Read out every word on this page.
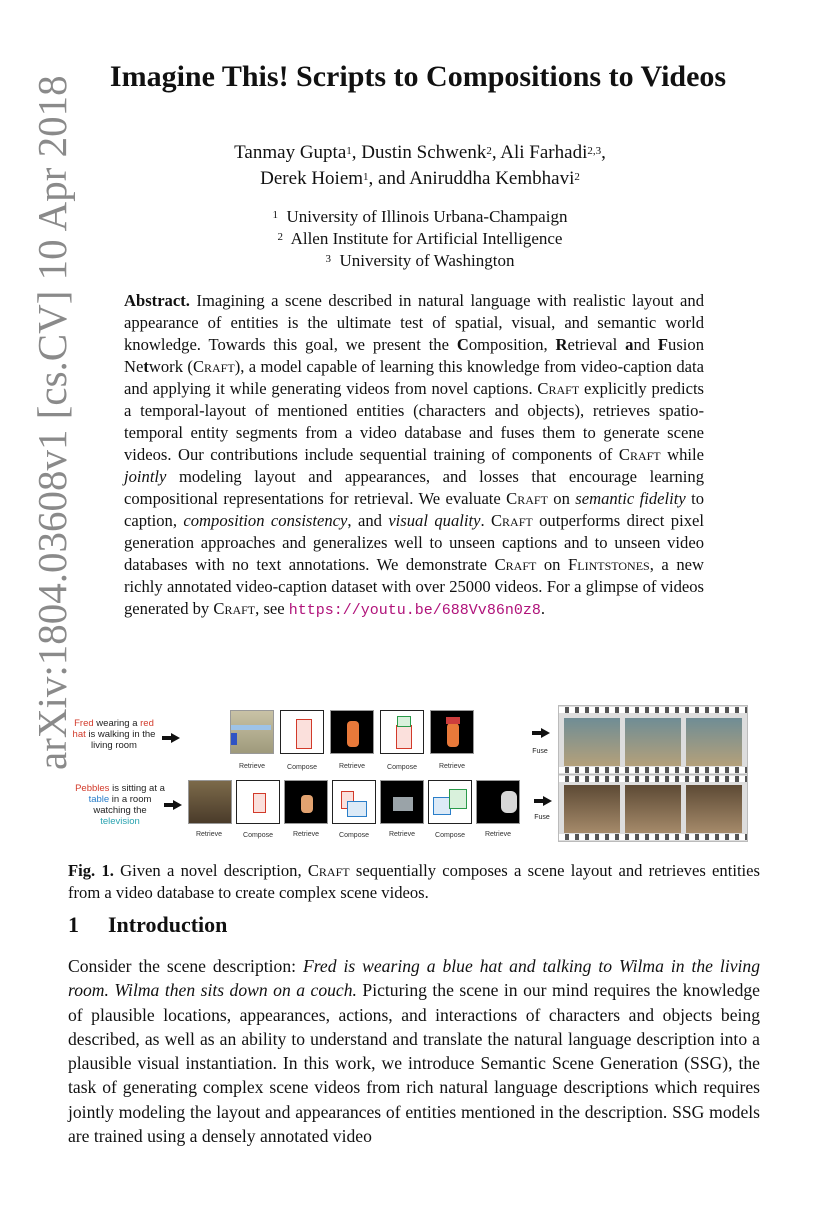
arXiv:1804.03608v1 [cs.CV] 10 Apr 2018	Imagine This! Scripts to Compositions to Videos
Tanmay Gupta$^1$, Dustin Schwenk$^2$, Ali Farhadi$^{2,3}$,
Derek Hoiem$^1$, and Aniruddha Kembhavi$^2$
$^1$ University of Illinois Urbana-Champaign
$^2$ Allen Institute for Artificial Intelligence
$^3$ University of Washington

Abstract. Imagining a scene described in natural language with realistic layout and appearance of entities is the ultimate test of spatial, visual, and semantic world knowledge. Towards this goal, we present the Composition, Retrieval and Fusion Network (Craft), a model capable of learning this knowledge from video-caption data and applying it while generating videos from novel captions. Craft explicitly predicts a temporal-layout of mentioned entities (characters and objects), retrieves spatio-temporal entity segments from a video database and fuses them to generate scene videos. Our contributions include sequential training of components of Craft while jointly modeling layout and appearances, and losses that encourage learning compositional representations for retrieval. We evaluate Craft on semantic fidelity to caption, composition consistency, and visual quality. Craft outperforms direct pixel generation approaches and generalizes well to unseen captions and to unseen video databases with no text annotations. We demonstrate Craft on Flintstones, a new richly annotated video-caption dataset with over 25000 videos. For a glimpse of videos generated by Craft, see https://youtu.be/688Vv86n0z8.

Fred wearing a red hat is walking in the living room
Retrieve	Compose	Retrieve	Compose	Retrieve
Fuse
Pebbles is sitting at a table in a room watching the television
Retrieve	Compose	Retrieve	Compose	Retrieve	Compose	Retrieve
Fuse
Fig. 1. Given a novel description, Craft sequentially composes a scene layout and retrieves entities from a video database to create complex scene videos.
1 Introduction

Consider the scene description: Fred is wearing a blue hat and talking to Wilma in the living room. Wilma then sits down on a couch. Picturing the scene in our mind requires the knowledge of plausible locations, appearances, actions, and interactions of characters and objects being described, as well as an ability to understand and translate the natural language description into a plausible visual instantiation. In this work, we introduce Semantic Scene Generation (SSG), the task of generating complex scene videos from rich natural language descriptions which requires jointly modeling the layout and appearances of entities mentioned in the description. SSG models are trained using a densely annotated video
